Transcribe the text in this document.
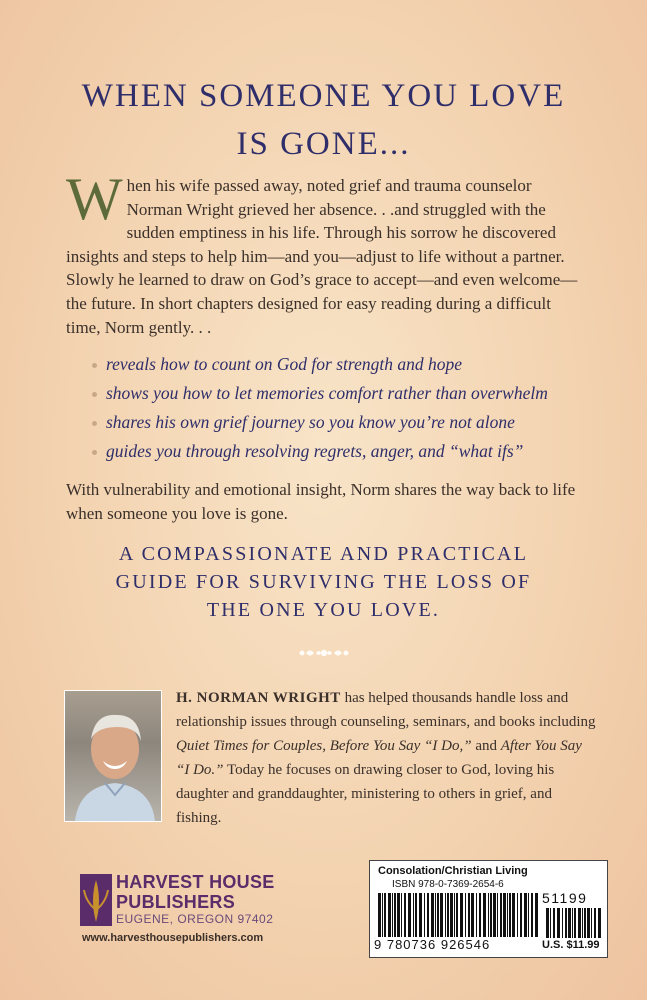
WHEN SOMEONE YOU LOVE
IS GONE...
W hen his wife passed away, noted grief and trauma counselor Norman Wright grieved her absence. . .and struggled with the sudden emptiness in his life. Through his sorrow he discovered insights and steps to help him—and you—adjust to life without a partner. Slowly he learned to draw on God’s grace to accept—and even welcome—the future. In short chapters designed for easy reading during a difficult time, Norm gently. . .
reveals how to count on God for strength and hope
shows you how to let memories comfort rather than overwhelm
shares his own grief journey so you know you’re not alone
guides you through resolving regrets, anger, and “what ifs”
With vulnerability and emotional insight, Norm shares the way back to life when someone you love is gone.
A COMPASSIONATE AND PRACTICAL
GUIDE FOR SURVIVING THE LOSS OF
THE ONE YOU LOVE.
H. NORMAN WRIGHT has helped thousands handle loss and relationship issues through counseling, seminars, and books including Quiet Times for Couples, Before You Say “I Do,” and After You Say “I Do.” Today he focuses on drawing closer to God, loving his daughter and granddaughter, ministering to others in grief, and fishing.
HARVEST HOUSE
PUBLISHERS
EUGENE, OREGON 97402
www.harvesthousepublishers.com
Consolation/Christian Living
ISBN 978-0-7369-2654-6
51199
9 780736 926546	U.S. $11.99
